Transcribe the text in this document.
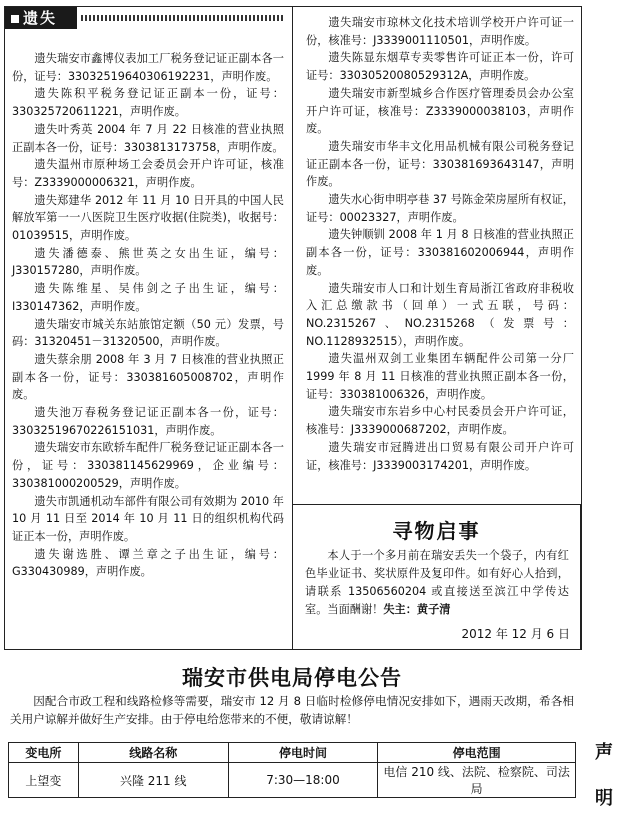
遗失

遗失瑞安市鑫博仪表加工厂税务登记证正副本各一份，证号：330325196403061922​31，声明作废。

遗失陈积平税务登记证正副本一份，证号：330325720611221，声明作废。

遗失叶秀英 2004 年 7 月 22 日核准的营业执照正副本各一份，证号：3303813173758，声明作废。

遗失温州市原种场工会委员会开户许可证，核准号：Z3339000006321，声明作废。

遗失郑建华 2012 年 11 月 10 日开具的中国人民解放军第一一八医院卫生医疗收据(住院类)，收据号：01039515，声明作废。

遗失潘德泰、熊世英之女出生证，编号：J330157280，声明作废。

遗失陈维星、吴伟剑之子出生证，编号：I330147362，声明作废。

遗失瑞安市城关东站旅馆定额（50 元）发票，号码：31320451－31320500，声明作废。

遗失蔡余朋 2008 年 3 月 7 日核准的营业执照正副本各一份，证号：330381605008702，声明作废。

遗失池万春税务登记证正副本各一份，证号：330325196702261510​31，声明作废。

遗失瑞安市东欧轿车配件厂税务登记证正副本各一份，证号：330381145629969，企业编号：3303810002​00529，声明作废。

遗失市凯通机动车部件有限公司有效期为 2010 年 10 月 11 日至 2014 年 10 月 11 日的组织机构代码证正本一份，声明作废。

遗失谢选胜、谭兰章之子出生证，编号：G330430989，声明作废。

遗失瑞安市琼林文化技术培训学校开户许可证一份，核准号：J3339001110501，声明作废。

遗失陈显东烟草专卖零售许可证正本一份，许可证号：33030520080529312A，声明作废。

遗失瑞安市新型城乡合作医疗管理委员会办公室开户许可证，核准号：Z3339000038103，声明作废。

遗失瑞安市华丰文化用品机械有限公司税务登记证正副本各一份，证号：330381693643147，声明作废。

遗失水心街申明亭巷 37 号陈金荣房屋所有权证，证号：00023327，声明作废。

遗失钟顺钏 2008 年 1 月 8 日核准的营业执照正副本各一份，证号：330381602006944，声明作废。

遗失瑞安市人口和计划生育局浙江省政府非税收入汇总缴款书（回单）一式五联，号码：NO.2315267、NO.2315268（发票号：NO.1128932515），声明作废。

遗失温州双剑工业集团车辆配件公司第一分厂 1999 年 8 月 11 日核准的营业执照正副本各一份，证号：330381006326，声明作废。

遗失瑞安市东岩乡中心村民委员会开户许可证，核准号：J3339000687202，声明作废。

遗失瑞安市冠腾进出口贸易有限公司开户许可证，核准号：J3339003174201，声明作废。

寻物启事
本人于一个多月前在瑞安丢失一个袋子，内有红色毕业证书、奖状原件及复印件。如有好心人拾到，请联系 13506560204 或直接送至滨江中学传达室。当面酬谢！失主：黄子清
2012 年 12 月 6 日
瑞安市供电局停电公告
因配合市政工程和线路检修等需要，瑞安市 12 月 8 日临时检修停电情况安排如下，遇雨天改期，希各相关用户谅解并做好生产安排。由于停电给您带来的不便，敬请谅解！
变电所	线路名称	停电时间	停电范围
上望变	兴隆 211 线	7:30—18:00	电信 210 线、法院、检察院、司法局
声
明
